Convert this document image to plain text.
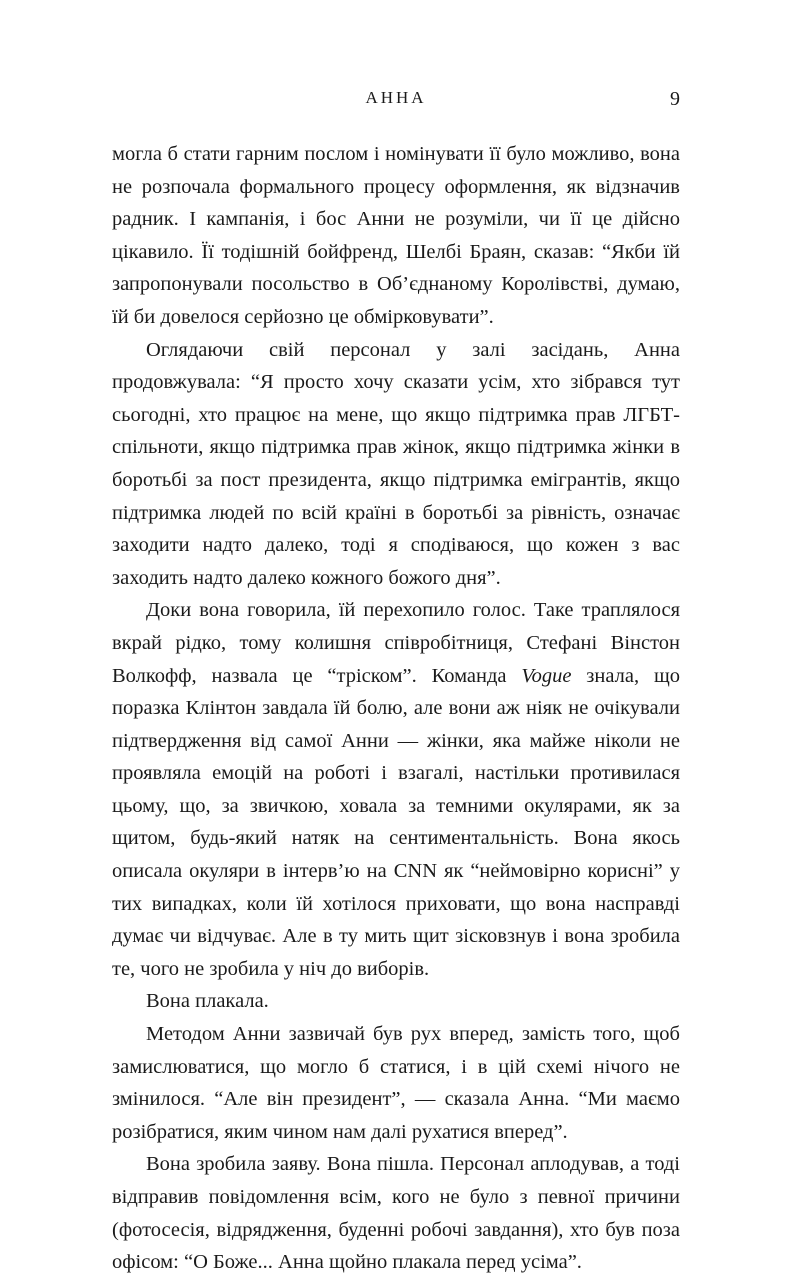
АННА	9

могла б стати гарним послом і номінувати її було можливо, вона не розпочала формального процесу оформлення, як відзначив радник. І кампанія, і бос Анни не розуміли, чи її це дійсно цікавило. Її тодішній бойфренд, Шелбі Браян, сказав: “Якби їй запропонували посольство в Об’єднаному Королівстві, думаю, їй би довелося серйозно це обмірковувати”.

Оглядаючи свій персонал у залі засідань, Анна продовжувала: “Я просто хочу сказати усім, хто зібрався тут сьогодні, хто працює на мене, що якщо підтримка прав ЛГБТ-спільноти, якщо підтримка прав жінок, якщо підтримка жінки в боротьбі за пост президента, якщо підтримка емігрантів, якщо підтримка людей по всій країні в боротьбі за рівність, означає заходити надто далеко, тоді я сподіваюся, що кожен з вас заходить надто далеко кожного божого дня”.

Доки вона говорила, їй перехопило голос. Таке траплялося вкрай рідко, тому колишня співробітниця, Стефані Вінстон Волкофф, назвала це “тріском”. Команда Vogue знала, що поразка Клінтон завдала їй болю, але вони аж ніяк не очікували підтвердження від самої Анни — жінки, яка майже ніколи не проявляла емоцій на роботі і взагалі, настільки противилася цьому, що, за звичкою, ховала за темними окулярами, як за щитом, будь-який натяк на сентиментальність. Вона якось описала окуляри в інтерв’ю на CNN як “неймовірно корисні” у тих випадках, коли їй хотілося приховати, що вона насправді думає чи відчуває. Але в ту мить щит зісковзнув і вона зробила те, чого не зробила у ніч до виборів.

Вона плакала.

Методом Анни зазвичай був рух вперед, замість того, щоб замислюватися, що могло б статися, і в цій схемі нічого не змінилося. “Але він президент”, — сказала Анна. “Ми маємо розібратися, яким чином нам далі рухатися вперед”.

Вона зробила заяву. Вона пішла. Персонал аплодував, а тоді відправив повідомлення всім, кого не було з певної причини (фотосесія, відрядження, буденні робочі завдання), хто був поза офісом: “О Боже... Анна щойно плакала перед усіма”.
